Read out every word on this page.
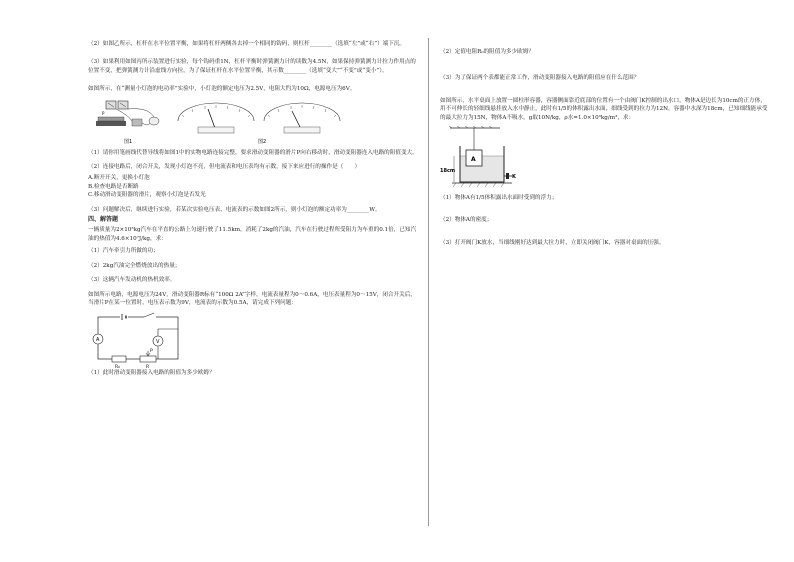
（2）如图乙所示，杠杆在水平位置平衡，如果将杠杆两侧各去掉一个相同的钩码，则杠杆________（选填“左”或“右”）端下沉。
（3）如果利用如图丙所示装置进行实验，每个钩码重1N，杠杆平衡时弹簧测力计的读数为4.5N，如果保持弹簧测力计拉力作用点的位置不变，把弹簧测力计沿虚线方向拉，为了保证杠杆在水平位置平衡，其示数________（选填“变大”“不变”或“变小”）。
如图所示，在“测量小灯泡的电功率”实验中，小灯泡的额定电压为2.5V，电阻大约为10Ω，电源电压为6V。
P
图1	图2
（1）请你用笔画线代替导线将如图1中的实物电路连接完整，要求滑动变阻器的滑片P向右移动时，滑动变阻器连入电路的阻值变大。
（2）连接电路后，闭合开关，发现小灯泡不亮，但电流表和电压表均有示数，接下来应进行的操作是（　　）
A.断开开关，更换小灯泡
B.检查电路是否断路
C.移动滑动变阻器的滑片，观察小灯泡是否发光
（3）问题解决后，继续进行实验，若某次实验电压表、电流表的示数如图2所示，则小灯泡的额定功率为________W。
四、解答题
一辆质量为2×10³kg汽车在平直的公路上匀速行驶了11.5km，消耗了2kg的汽油，汽车在行驶过程所受阻力为车重的0.1倍，已知汽油的热值为4.6×10⁷J/kg，求：
（1）汽车牵引力所做的功；
（2）2kg汽油完全燃烧放出的热量；
（3）这辆汽车发动机的热机效率。
如图所示电路，电源电压为24V，滑动变阻器R标有“100Ω 2A”字样，电流表量程为0～0.6A，电压表量程为0～15V，闭合开关后，当滑片P在某一位置时，电压表示数为9V，电流表的示数为0.5A，请完成下列问题：
A	V
P
R₀	R
（1）此时滑动变阻器接入电路的阻值为多少欧姆？
（2）定值电阻R₀的阻值为多少欧姆？
（3）为了保证两个表都能正常工作，滑动变阻器接入电路的阻值应在什么范围？
如图所示，水平桌面上放置一圆柱形容器，容器侧面靠近底部的位置有一个由阀门K控制的出水口，物体A是边长为10cm的正方体，用不可伸长的轻细线悬挂放入水中静止，此时有1/5的体积露出水面，细线受到的拉力为12N，容器中水深为18cm，已知细线能承受的最大拉力为15N，物体A不吸水，g取10N/kg，ρ水=1.0×10³kg/m³，求：
A
K
18cm
（1）物体A有1/5体积露出水面时受到的浮力；
（2）物体A的密度；
（3）打开阀门K放水，当细线刚好达到最大拉力时，立即关闭阀门K，容器对桌面的压强。
